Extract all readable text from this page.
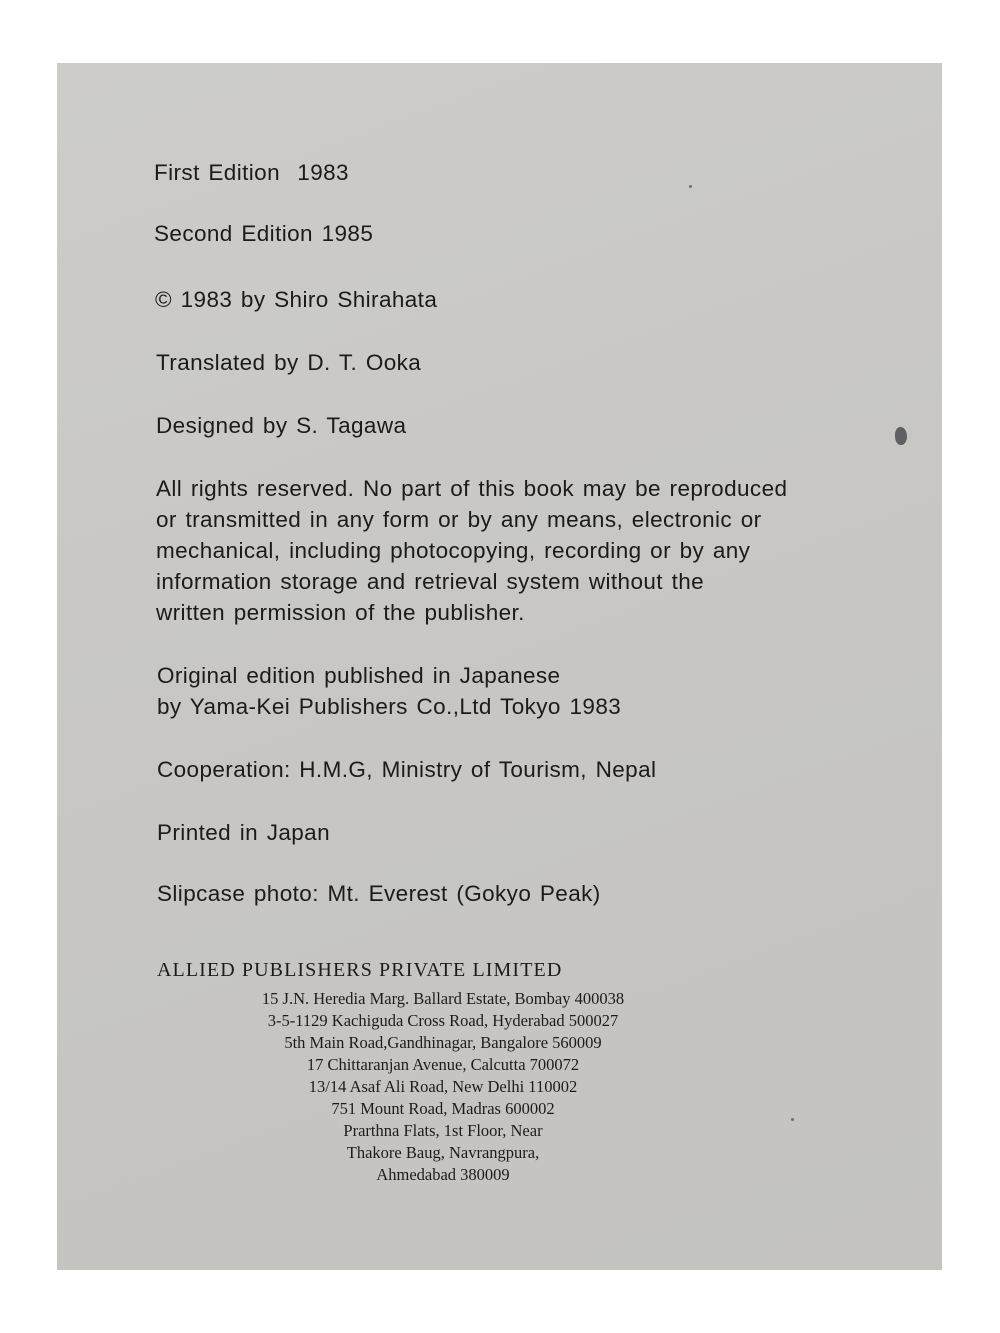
First Edition  1983
Second Edition 1985
© 1983 by Shiro Shirahata
Translated by D. T. Ooka
Designed by S. Tagawa
All rights reserved. No part of this book may be reproduced
or transmitted in any form or by any means, electronic or
mechanical, including photocopying, recording or by any
information storage and retrieval system without the
written permission of the publisher.
Original edition published in Japanese
by Yama-Kei Publishers Co.,Ltd Tokyo 1983
Cooperation: H.M.G, Ministry of Tourism, Nepal
Printed in Japan
Slipcase photo: Mt. Everest (Gokyo Peak)
ALLIED PUBLISHERS PRIVATE LIMITED
15 J.N. Heredia Marg. Ballard Estate, Bombay 400038
3-5-1129 Kachiguda Cross Road, Hyderabad 500027
5th Main Road,Gandhinagar, Bangalore 560009
17 Chittaranjan Avenue, Calcutta 700072
13/14 Asaf Ali Road, New Delhi 110002
751 Mount Road, Madras 600002
Prarthna Flats, 1st Floor, Near
Thakore Baug, Navrangpura,
Ahmedabad 380009
